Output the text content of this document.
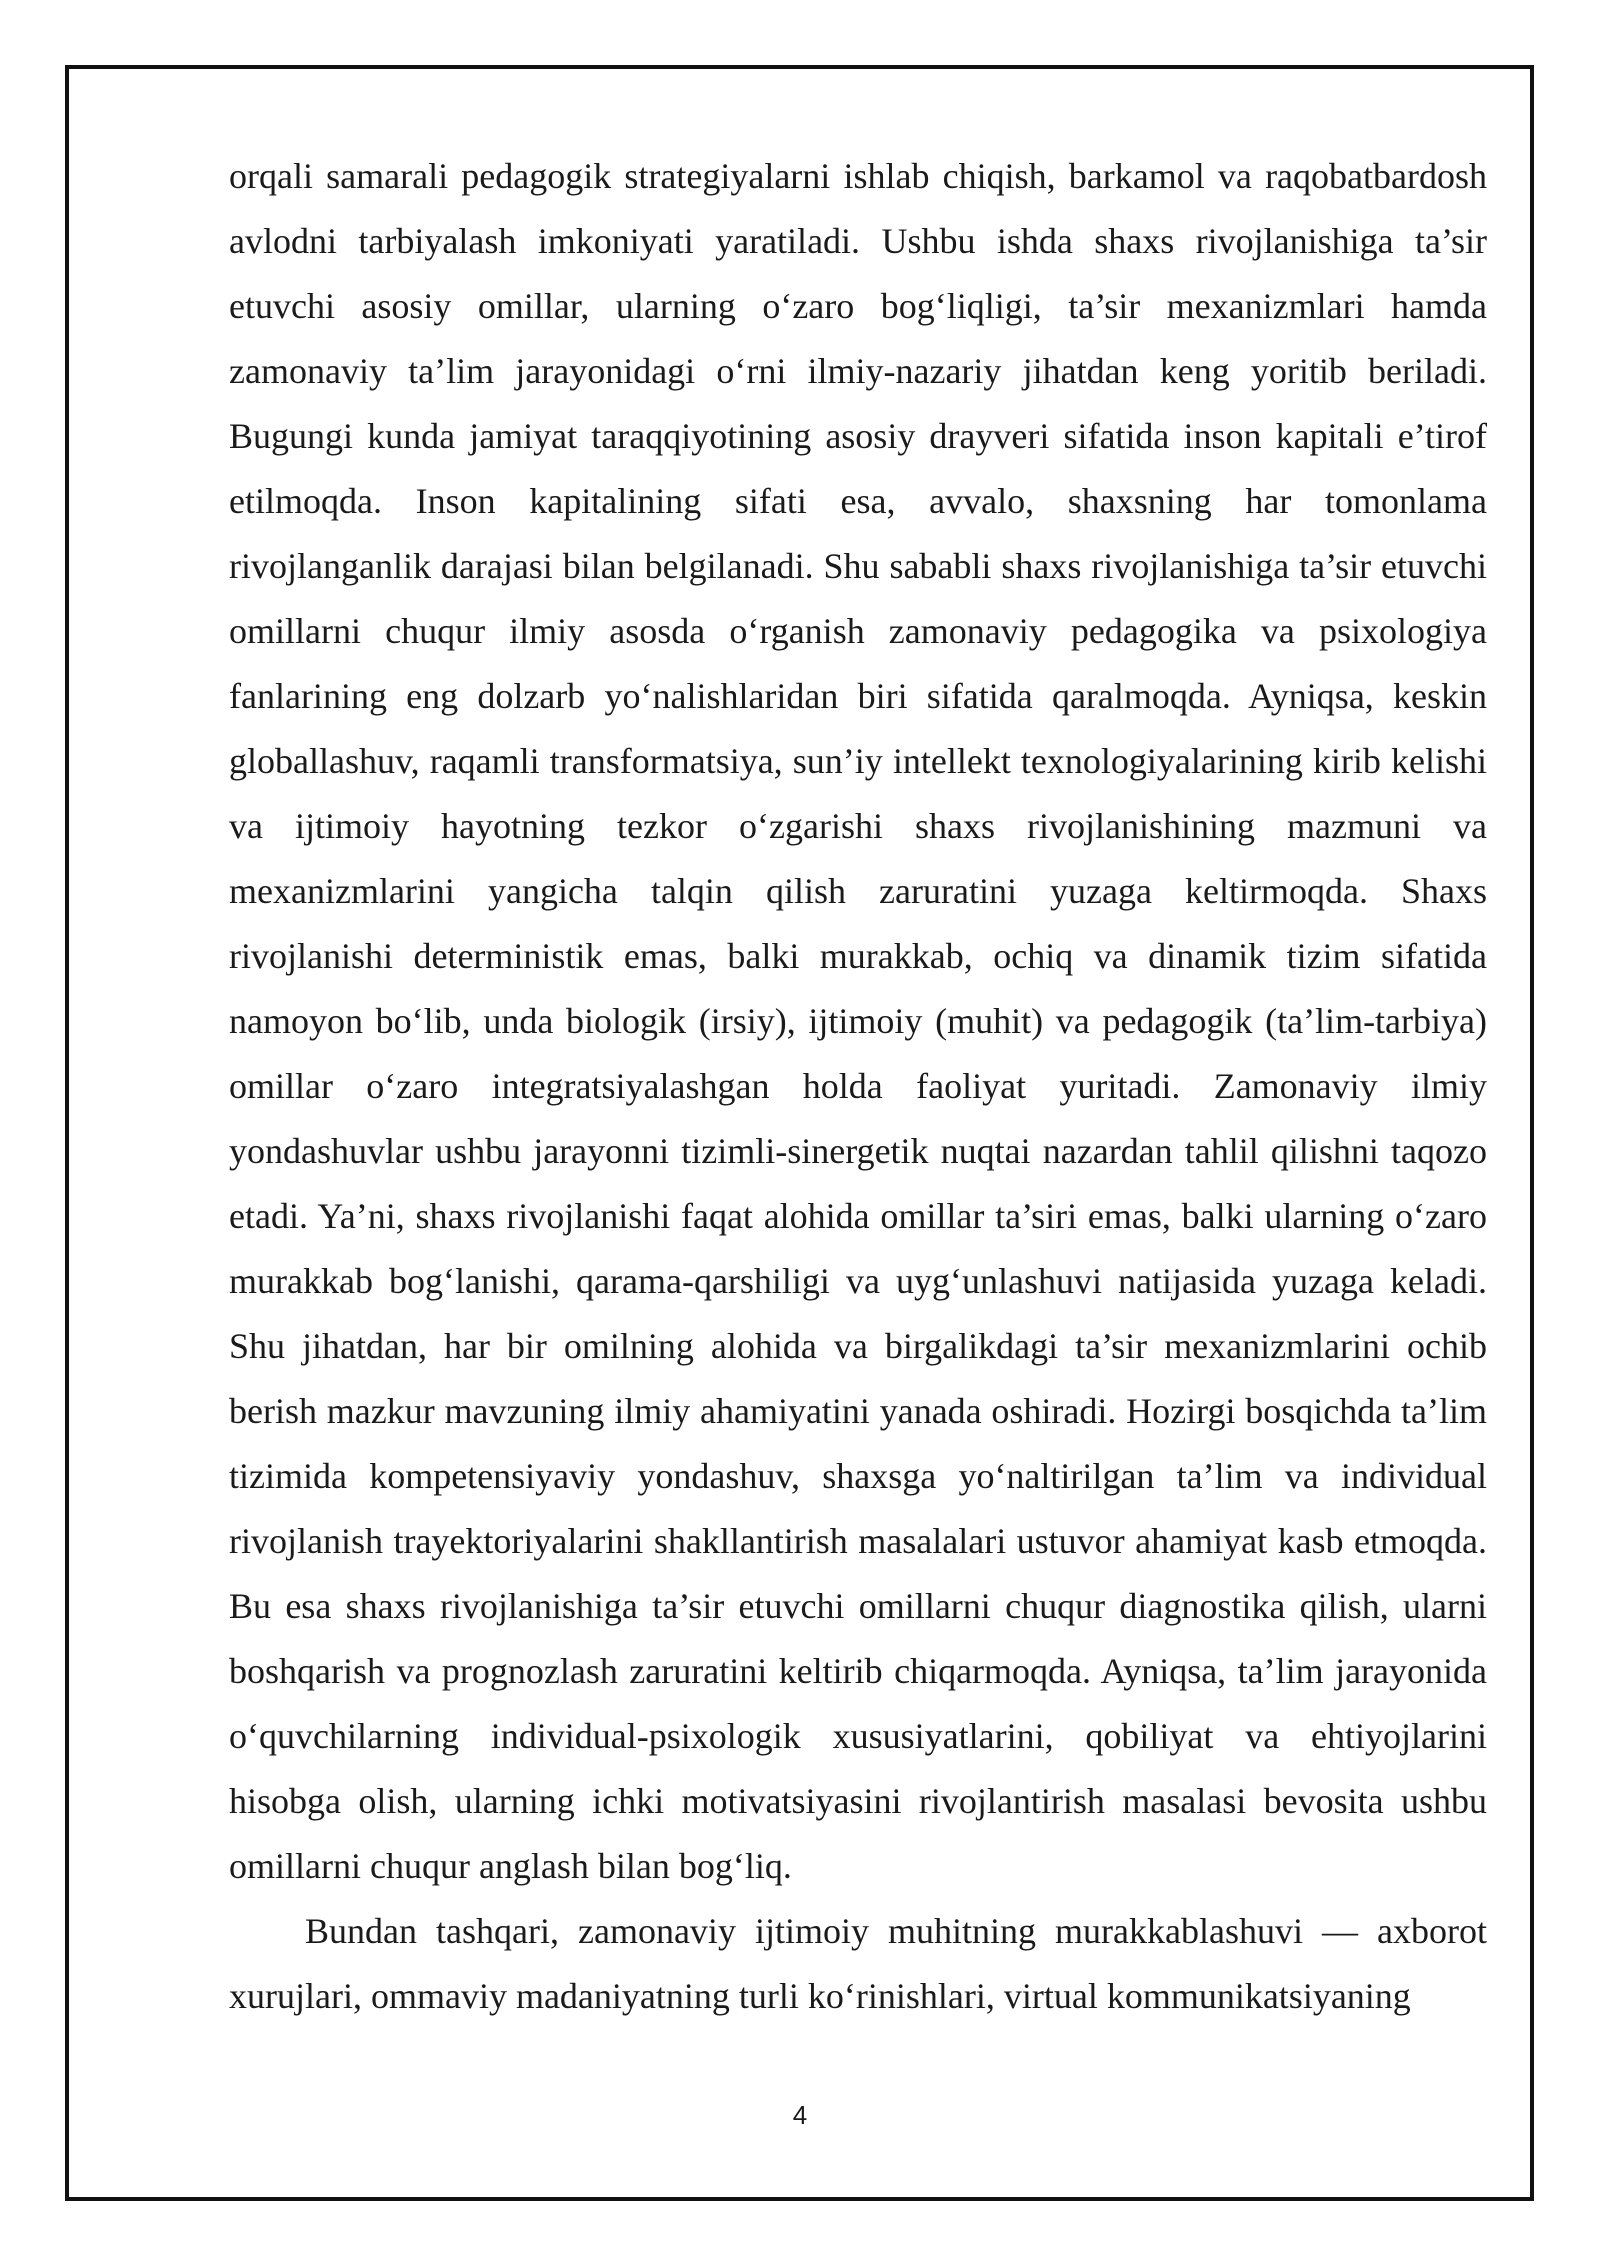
orqali samarali pedagogik strategiyalarni ishlab chiqish, barkamol va raqobatbardosh avlodni tarbiyalash imkoniyati yaratiladi. Ushbu ishda shaxs rivojlanishiga ta’sir etuvchi asosiy omillar, ularning o‘zaro bog‘liqligi, ta’sir mexanizmlari hamda zamonaviy ta’lim jarayonidagi o‘rni ilmiy-nazariy jihatdan keng yoritib beriladi. Bugungi kunda jamiyat taraqqiyotining asosiy drayveri sifatida inson kapitali e’tirof etilmoqda. Inson kapitalining sifati esa, avvalo, shaxsning har tomonlama rivojlanganlik darajasi bilan belgilanadi. Shu sababli shaxs rivojlanishiga ta’sir etuvchi omillarni chuqur ilmiy asosda o‘rganish zamonaviy pedagogika va psixologiya fanlarining eng dolzarb yo‘nalishlaridan biri sifatida qaralmoqda. Ayniqsa, keskin globallashuv, raqamli transformatsiya, sun’iy intellekt texnologiyalarining kirib kelishi va ijtimoiy hayotning tezkor o‘zgarishi shaxs rivojlanishining mazmuni va mexanizmlarini yangicha talqin qilish zaruratini yuzaga keltirmoqda. Shaxs rivojlanishi deterministik emas, balki murakkab, ochiq va dinamik tizim sifatida namoyon bo‘lib, unda biologik (irsiy), ijtimoiy (muhit) va pedagogik (ta’lim-tarbiya) omillar o‘zaro integratsiyalashgan holda faoliyat yuritadi. Zamonaviy ilmiy yondashuvlar ushbu jarayonni tizimli-sinergetik nuqtai nazardan tahlil qilishni taqozo etadi. Ya’ni, shaxs rivojlanishi faqat alohida omillar ta’siri emas, balki ularning o‘zaro murakkab bog‘lanishi, qarama-qarshiligi va uyg‘unlashuvi natijasida yuzaga keladi. Shu jihatdan, har bir omilning alohida va birgalikdagi ta’sir mexanizmlarini ochib berish mazkur mavzuning ilmiy ahamiyatini yanada oshiradi. Hozirgi bosqichda ta’lim tizimida kompetensiyaviy yondashuv, shaxsga yo‘naltirilgan ta’lim va individual rivojlanish trayektoriyalarini shakllantirish masalalari ustuvor ahamiyat kasb etmoqda. Bu esa shaxs rivojlanishiga ta’sir etuvchi omillarni chuqur diagnostika qilish, ularni boshqarish va prognozlash zaruratini keltirib chiqarmoqda. Ayniqsa, ta’lim jarayonida o‘quvchilarning individual-psixologik xususiyatlarini, qobiliyat va ehtiyojlarini hisobga olish, ularning ichki motivatsiyasini rivojlantirish masalasi bevosita ushbu omillarni chuqur anglash bilan bog‘liq.

Bundan tashqari, zamonaviy ijtimoiy muhitning murakkablashuvi — axborot xurujlari, ommaviy madaniyatning turli ko‘rinishlari, virtual kommunikatsiyaning

4
